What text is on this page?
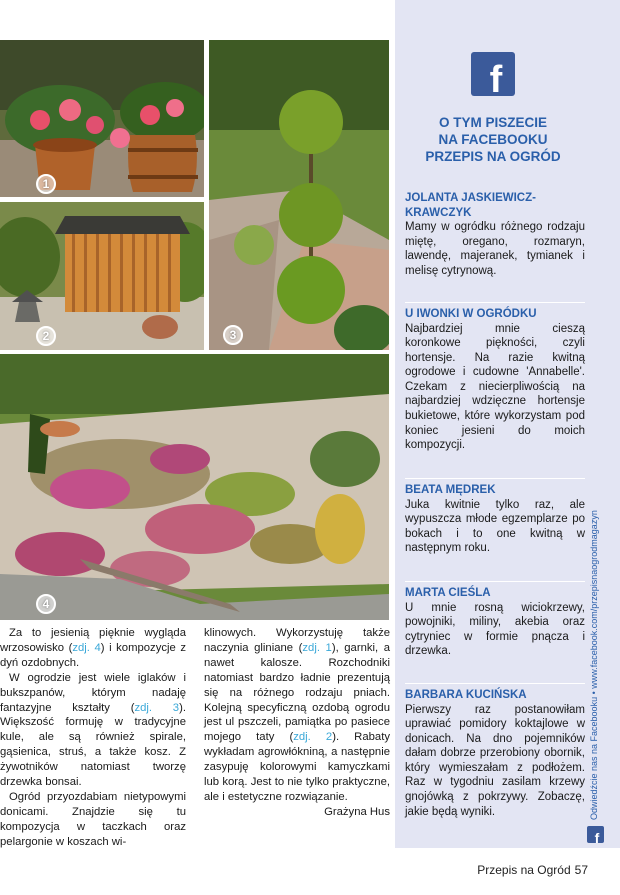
1
2	3
4

Za to jesienią pięknie wygląda wrzosowisko (zdj. 4) i kompozycje z dyń ozdobnych.

W ogrodzie jest wiele iglaków i bukszpanów, którym nadaję fantazyjne kształty (zdj. 3). Większość formuję w tradycyjne kule, ale są również spirale, gąsienica, struś, a także kosz. Z żywotników natomiast tworzę drzewka bonsai.

Ogród przyozdabiam nietypowymi donicami. Znajdzie się tu kompozycja w taczkach oraz pelargonie w koszach wi-

klinowych. Wykorzystuję także naczynia gliniane (zdj. 1), garnki, a nawet kalosze. Rozchodniki natomiast bardzo ładnie prezentują się na różnego rodzaju pniach. Kolejną specyficzną ozdobą ogrodu jest ul pszczeli, pamiątka po pasiece mojego taty (zdj. 2). Rabaty wykładam agrowłókniną, a następnie zasypuję kolorowymi kamyczkami lub korą. Jest to nie tylko praktyczne, ale i estetyczne rozwiązanie.

Grażyna Hus
f
O TYM PISZECIE
NA FACEBOOKU
PRZEPIS NA OGRÓD
JOLANTA JASKIEWICZ-KRAWCZYK
Mamy w ogródku różnego rodzaju miętę, oregano, rozmaryn, lawendę, majeranek, tymianek i melisę cytrynową.
U IWONKI W OGRÓDKU
Najbardziej mnie cieszą koronkowe piękności, czyli hortensje. Na razie kwitną ogrodowe i cudowne 'Annabelle'. Czekam z niecierpliwością na najbardziej wdzięczne hortensje bukietowe, które wykorzystam pod koniec jesieni do moich kompozycji.
BEATA MĘDREK
Juka kwitnie tylko raz, ale wypuszcza młode egzemplarze po bokach i to one kwitną w następnym roku.
MARTA CIEŚLA
U mnie rosną wiciokrzewy, powojniki, miliny, akebia oraz cytryniec w formie pnącza i drzewka.
BARBARA KUCIŃSKA
Pierwszy raz postanowiłam uprawiać pomidory koktajlowe w donicach. Na dno pojemników dałam dobrze przerobiony obornik, który wymieszałam z podłożem. Raz w tygodniu zasilam krzewy gnojówką z pokrzywy. Zobaczę, jakie będą wyniki.	Odwiedźcie nas na Facebooku • www.facebook.com/przepisnaogrodmagazyn
f
Przepis na Ogród 57
